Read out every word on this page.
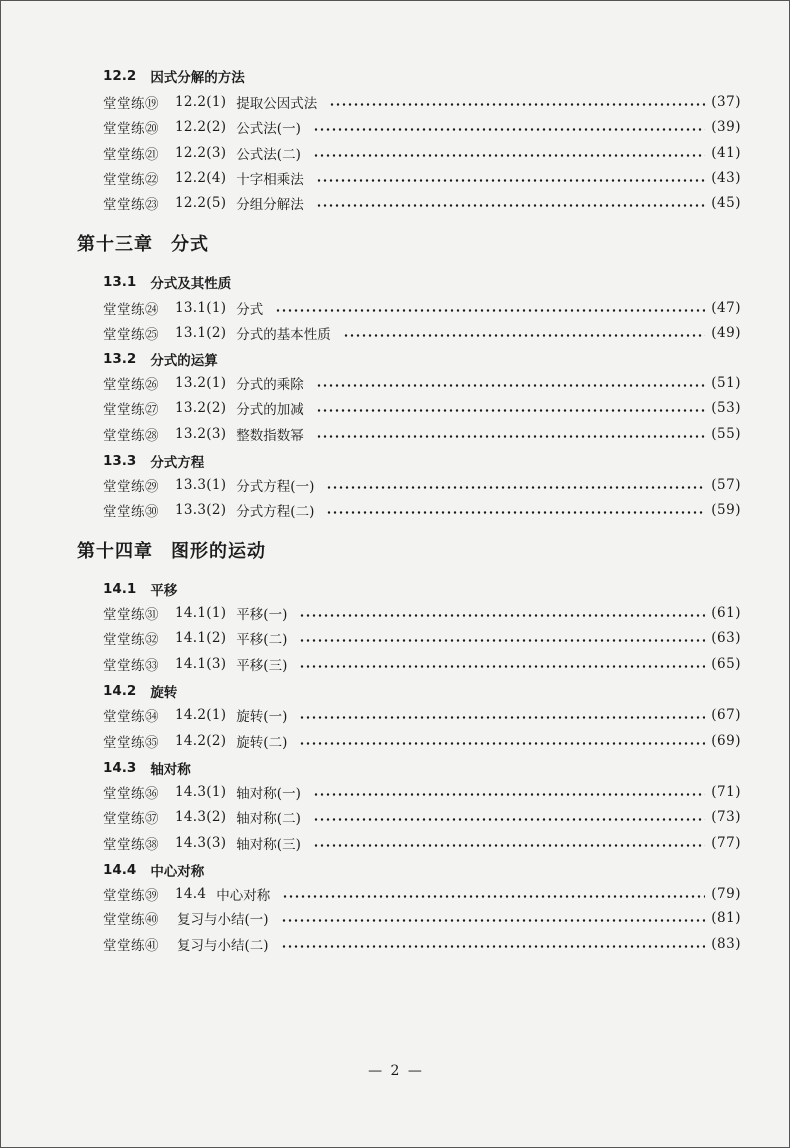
12.2 因式分解的方法
堂堂练⑲	12.2(1) 提取公因式法	(37)
堂堂练⑳	12.2(2) 公式法(一)	(39)
堂堂练㉑	12.2(3) 公式法(二)	(41)
堂堂练㉒	12.2(4) 十字相乘法	(43)
堂堂练㉓	12.2(5) 分组分解法	(45)
第十三章 分式
13.1 分式及其性质
堂堂练㉔	13.1(1) 分式	(47)
堂堂练㉕	13.1(2) 分式的基本性质	(49)
13.2 分式的运算
堂堂练㉖	13.2(1) 分式的乘除	(51)
堂堂练㉗	13.2(2) 分式的加减	(53)
堂堂练㉘	13.2(3) 整数指数幂	(55)
13.3 分式方程
堂堂练㉙	13.3(1) 分式方程(一)	(57)
堂堂练㉚	13.3(2) 分式方程(二)	(59)
第十四章 图形的运动
14.1 平移
堂堂练㉛	14.1(1) 平移(一)	(61)
堂堂练㉜	14.1(2) 平移(二)	(63)
堂堂练㉝	14.1(3) 平移(三)	(65)
14.2 旋转
堂堂练㉞	14.2(1) 旋转(一)	(67)
堂堂练㉟	14.2(2) 旋转(二)	(69)
14.3 轴对称
堂堂练㊱	14.3(1) 轴对称(一)	(71)
堂堂练㊲	14.3(2) 轴对称(二)	(73)
堂堂练㊳	14.3(3) 轴对称(三)	(77)
14.4 中心对称
堂堂练㊴	14.4 中心对称	(79)
堂堂练㊵	复习与小结(一)	(81)
堂堂练㊶	复习与小结(二)	(83)
— 2 —
